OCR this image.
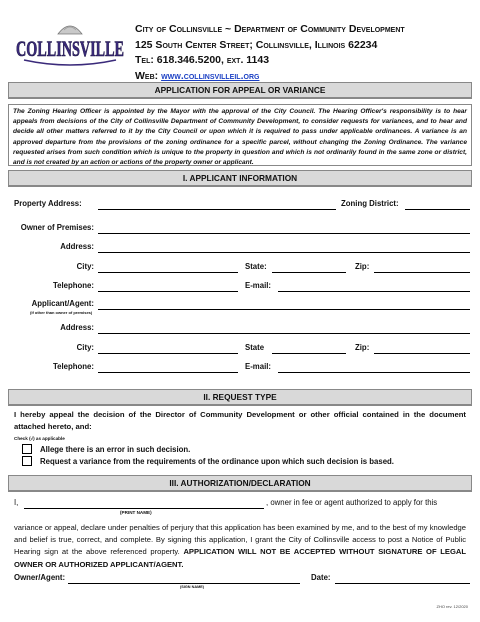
COLLINSVILLE
City of Collinsville ~ Department of Community Development
125 South Center Street; Collinsville, Illinois 62234
Tel: 618.346.5200, ext. 1143
Web: www.collinsvilleil.org
APPLICATION FOR APPEAL OR VARIANCE
The Zoning Hearing Officer is appointed by the Mayor with the approval of the City Council. The Hearing Officer's responsibility is to hear appeals from decisions of the City of Collinsville Department of Community Development, to consider requests for variances, and to hear and decide all other matters referred to it by the City Council or upon which it is required to pass under applicable ordinances. A variance is an approved departure from the provisions of the zoning ordinance for a specific parcel, without changing the Zoning Ordinance. The variance requested arises from such condition which is unique to the property in question and which is not ordinarily found in the same zone or district, and is not created by an action or actions of the property owner or applicant.
I. APPLICANT INFORMATION
Property Address:	Zoning District:
Owner of Premises:
Address:
City:	State:	Zip:
Telephone:	E-mail:
Applicant/Agent:
(If other than owner of premises)
Address:
City:	State	Zip:
Telephone:	E-mail:
II. REQUEST TYPE
I hereby appeal the decision of the Director of Community Development or other official contained in the document attached hereto, and:
Check (√) as applicable
Allege there is an error in such decision.
Request a variance from the requirements of the ordinance upon which such decision is based.
III. AUTHORIZATION/DECLARATION
I,	, owner in fee or agent authorized to apply for this
(PRINT NAME)
variance or appeal, declare under penalties of perjury that this application has been examined by me, and to the best of my knowledge and belief is true, correct, and complete. By signing this application, I grant the City of Collinsville access to post a Notice of Public Hearing sign at the above referenced property. APPLICATION WILL NOT BE ACCEPTED WITHOUT SIGNATURE OF LEGAL OWNER OR AUTHORIZED APPLICANT/AGENT.
Owner/Agent:
(SIGN NAME)
Date:
ZHO rev. 12/2020
